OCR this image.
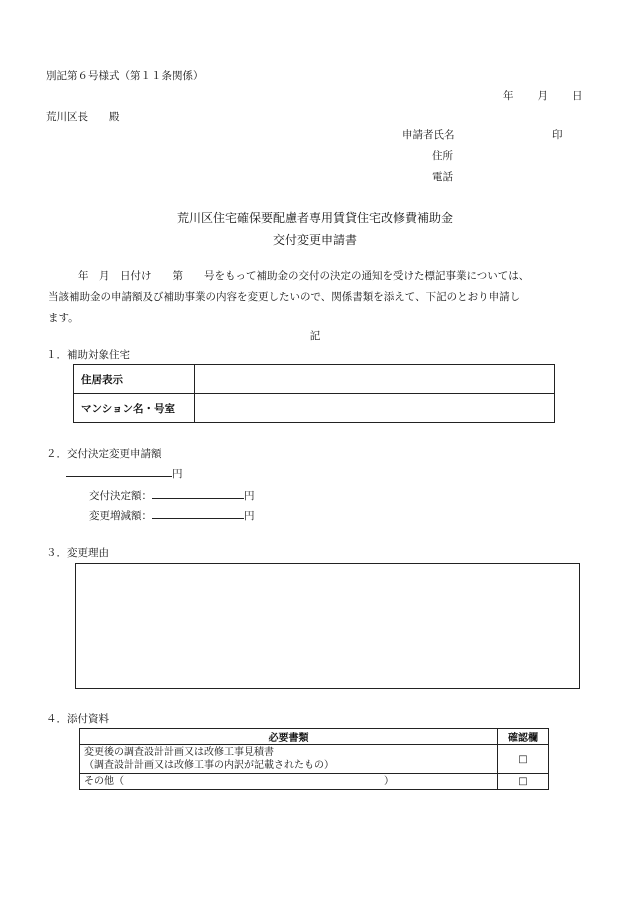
別記第６号様式（第１１条関係）
年 月 日
荒川区長　　殿
申請者氏名	印
住所
電話
荒川区住宅確保要配慮者専用賃貸住宅改修費補助金
交付変更申請書
年　月　日付け　　第　　号をもって補助金の交付の決定の通知を受けた標記事業については、
当該補助金の申請額及び補助事業の内容を変更したいので、関係書類を添えて、下記のとおり申請し
ます。
記
１．補助対象住宅
住居表示	
マンション名・号室	
２．交付決定変更申請額
円
交付決定額：	円
変更増減額：	円
３．変更理由
４．添付資料
必要書類	確認欄

変更後の調査設計計画又は改修工事見積書
（調査設計計画又は改修工事の内訳が記載されたもの）	□
その他（　　　　　　　　　　　　　　　　　　　　　　　　　　）	□
